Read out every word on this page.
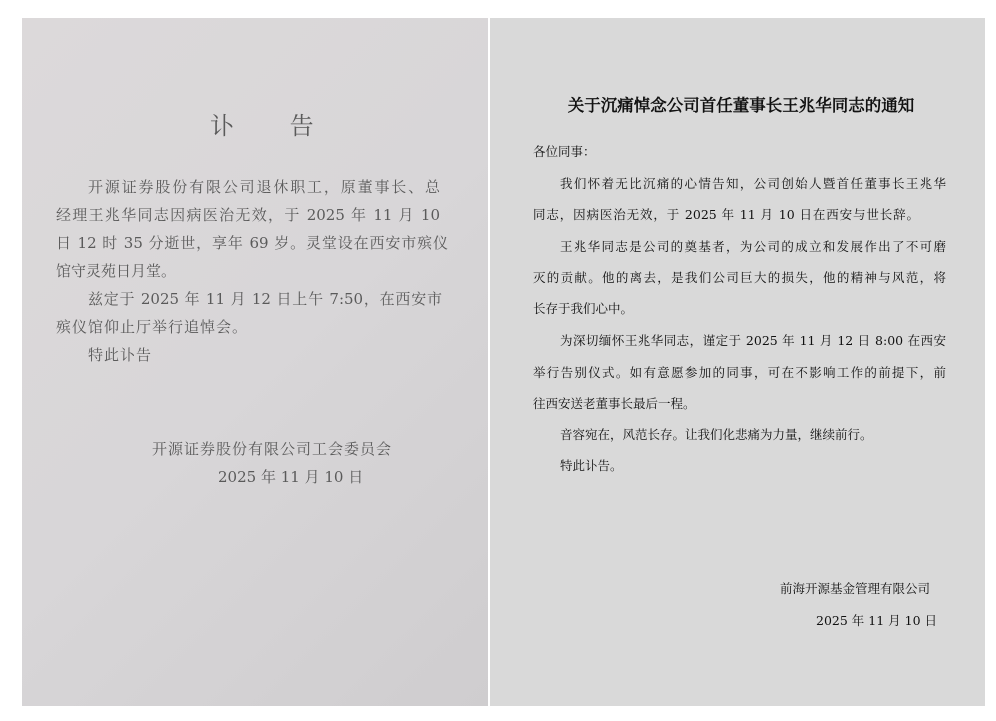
讣 告
开源证券股份有限公司退休职工，原董事长、总
经理王兆华同志因病医治无效，于 2025 年 11 月 10
日 12 时 35 分逝世，享年 69 岁。灵堂设在西安市殡仪
馆守灵苑日月堂。
兹定于 2025 年 11 月 12 日上午 7:50，在西安市
殡仪馆仰止厅举行追悼会。
特此讣告
开源证券股份有限公司工会委员会
2025 年 11 月 10 日
关于沉痛悼念公司首任董事长王兆华同志的通知
各位同事：
我们怀着无比沉痛的心情告知，公司创始人暨首任董事长王兆华
同志，因病医治无效，于 2025 年 11 月 10 日在西安与世长辞。
王兆华同志是公司的奠基者，为公司的成立和发展作出了不可磨
灭的贡献。他的离去，是我们公司巨大的损失，他的精神与风范，将
长存于我们心中。
为深切缅怀王兆华同志，谨定于 2025 年 11 月 12 日 8:00 在西安
举行告别仪式。如有意愿参加的同事，可在不影响工作的前提下，前
往西安送老董事长最后一程。
音容宛在，风范长存。让我们化悲痛为力量，继续前行。
特此讣告。
前海开源基金管理有限公司
2025 年 11 月 10 日
